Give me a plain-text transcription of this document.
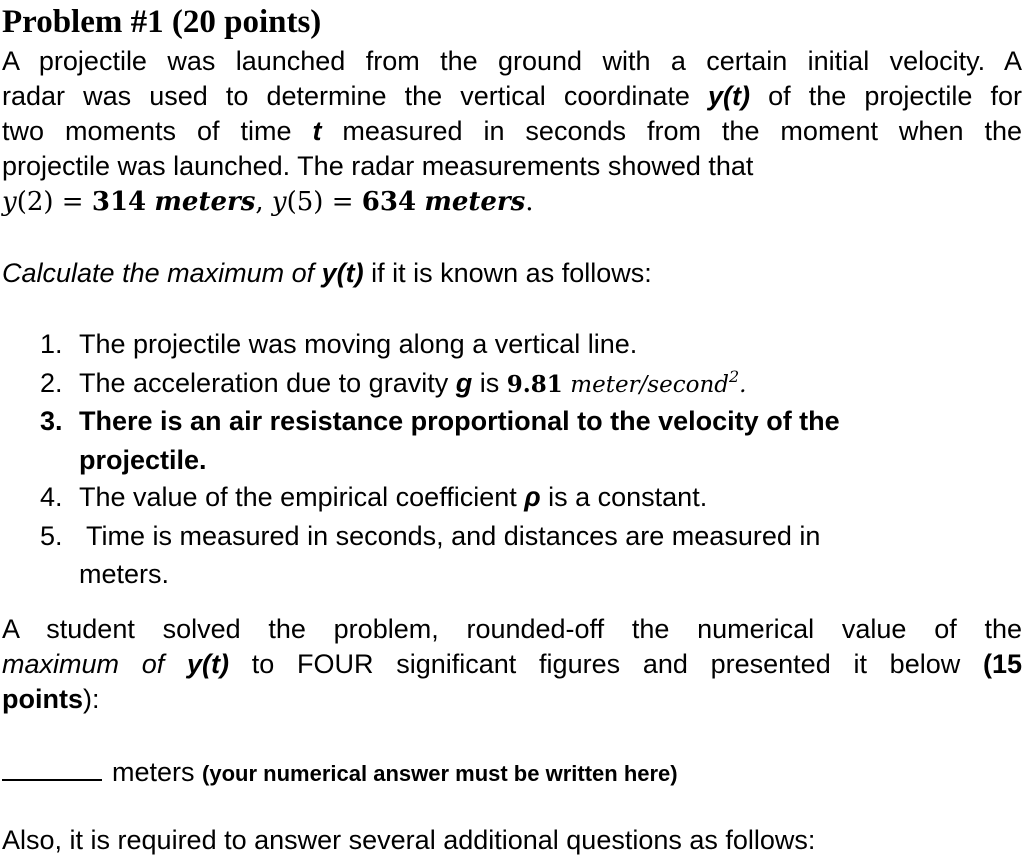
Problem #1 (20 points)
A projectile was launched from the ground with a certain initial velocity. A
radar was used to determine the vertical coordinate y(t) of the projectile for
two moments of time t measured in seconds from the moment when the
projectile was launched. The radar measurements showed that
y(2) = 314 meters, y(5) = 634 meters.
Calculate the maximum of y(t) if it is known as follows:
1. The projectile was moving along a vertical line.
2. The acceleration due to gravity g is 9.81 meter/second$^2$.
3. There is an air resistance proportional to the velocity of the
projectile.
4. The value of the empirical coefficient ρ is a constant.
5. Time is measured in seconds, and distances are measured in
meters.
A student solved the problem, rounded-off the numerical value of the
maximum of y(t) to FOUR significant figures and presented it below (15
points):
meters (your numerical answer must be written here)
Also, it is required to answer several additional questions as follows:
